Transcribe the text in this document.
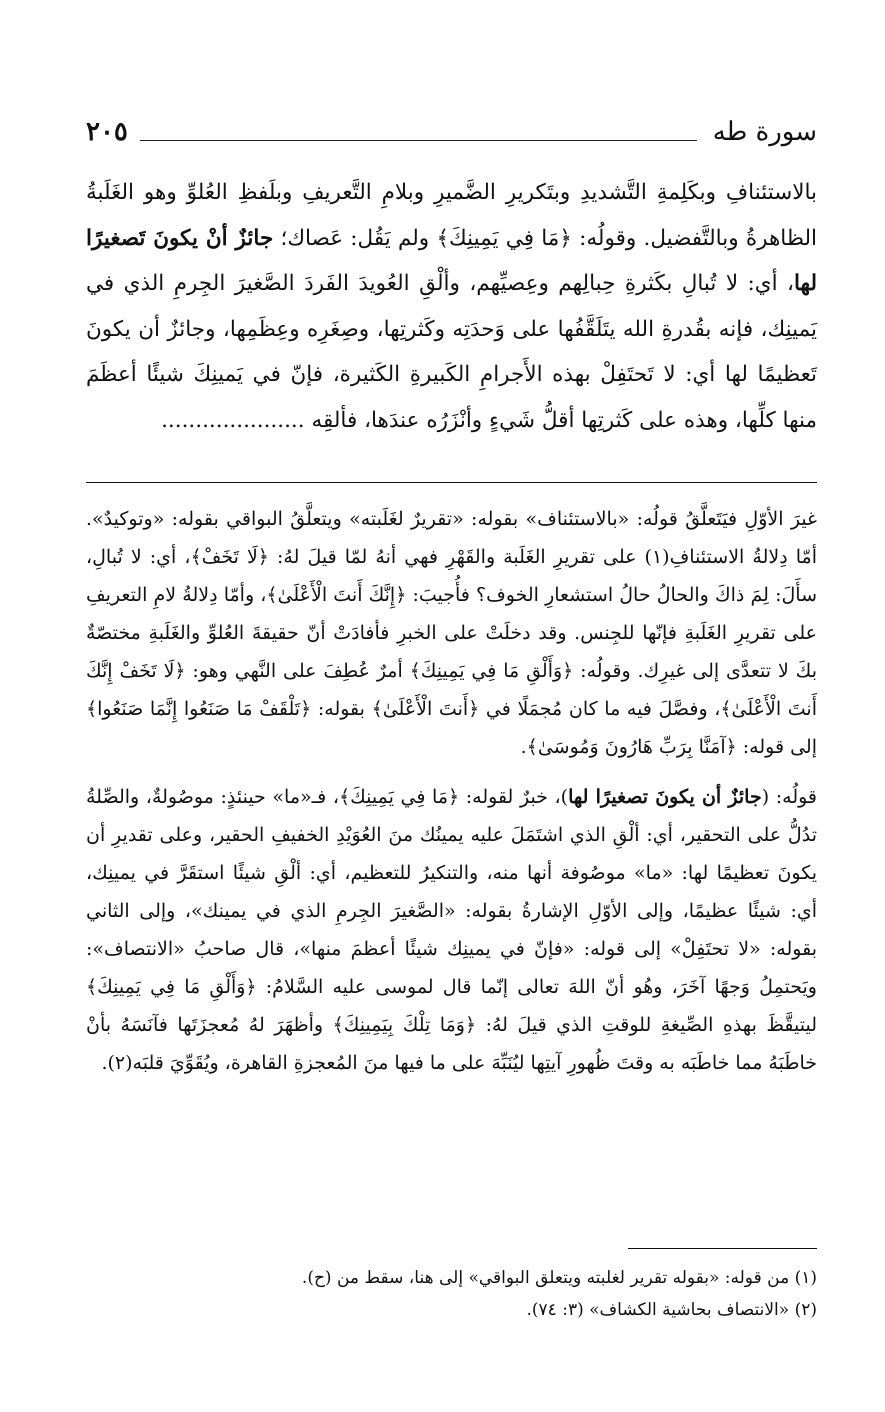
سورة طه
٢٠٥
بالاستئنافِ وبكَلِمةِ التَّشديدِ وبتَكريرِ الضَّميرِ وبلامِ التَّعريفِ وبلَفظِ العُلوِّ وهو الغَلَبةُ الظاهرةُ وبالتَّفضيل. وقولُه: ﴿مَا فِي يَمِينِكَ﴾ ولم يَقُل: عَصاك؛ جائزٌ أنْ يكونَ تَصغيرًا لها، أي: لا تُبالِ بكَثرةِ حِبالِهم وعِصيِّهم، وألْقِ العُويدَ الفَردَ الصَّغيرَ الجِرمِ الذي في يَمينِك، فإنه بقُدرةِ الله يتَلَقَّفُها على وَحدَتِه وكَثرتِها، وصِغَرِه وعِظَمِها، وجائزٌ أن يكونَ تَعظيمًا لها أي: لا تَحتَفِلْ بهذه الأَجرامِ الكَبيرةِ الكَثيرة، فإنّ في يَمينِكَ شيئًا أعظَمَ منها كلِّها، وهذه على كَثرتِها أقلُّ شَيءٍ وأنْزَرُه عندَها، فألقِه .....................

غيرَ الأوّلِ فيَتَعلَّقُ قولُه: «بالاستئناف» بقوله: «تقريرٌ لغَلَبته» ويتعلَّقُ البواقي بقوله: «وتوكيدٌ». أمّا دِلالةُ الاستئنافِ(١) على تقريرِ الغَلَبة والقَهْرِ فهي أنهُ لمّا قيلَ لهُ: ﴿لَا تَخَفْ﴾، أي: لا تُبالِ، سأَلَ: لِمَ ذاكَ والحالُ حالُ استشعارِ الخوف؟ فأُجيبَ: ﴿إِنَّكَ أَنتَ الْأَعْلَىٰ﴾، وأمّا دِلالةُ لامِ التعريفِ على تقريرِ الغَلَبةِ فإنّها للجِنس. وقد دخلَتْ على الخبرِ فأفادَتْ أنّ حقيقةَ العُلوِّ والغَلَبةِ مختصّةٌ بكَ لا تتعدَّى إلى غيرِك. وقولُه: ﴿وَأَلْقِ مَا فِي يَمِينِكَ﴾ أمرٌ عُطِفَ على النَّهي وهو: ﴿لَا تَخَفْ إِنَّكَ أَنتَ الْأَعْلَىٰ﴾، وفصَّلَ فيه ما كان مُجمَلًا في ﴿أَنتَ الْأَعْلَىٰ﴾ بقوله: ﴿تَلْقَفْ مَا صَنَعُوا إِنَّمَا صَنَعُوا﴾ إلى قوله: ﴿آمَنَّا بِرَبِّ هَارُونَ وَمُوسَىٰ﴾.

قولُه: (جائزٌ أن يكونَ تصغيرًا لها)، خبرٌ لقوله: ﴿مَا فِي يَمِينِكَ﴾، فـ«ما» حينئذٍ: موصُولةٌ، والصِّلةُ تدُلُّ على التحقير، أي: ألْقِ الذي اشتَمَلَ عليه يمينُك منَ العُوَيْدِ الخفيفِ الحقير، وعلى تقديرِ أن يكونَ تعظيمًا لها: «ما» موصُوفة أنها منه، والتنكيرُ للتعظيم، أي: ألْقِ شيئًا استقَرَّ في يمينِك، أي: شيئًا عظيمًا، وإلى الأوّلِ الإشارةُ بقوله: «الصَّغيرَ الجِرمِ الذي في يمينك»، وإلى الثاني بقوله: «لا تحتَفِلْ» إلى قوله: «فإنّ في يمينِك شيئًا أعظمَ منها»، قال صاحبُ «الانتصاف»: ويَحتمِلُ وَجهًا آخَرَ، وهُو أنّ اللهَ تعالى إنّما قال لموسى عليه السَّلامُ: ﴿وَأَلْقِ مَا فِي يَمِينِكَ﴾ ليتيقَّظَ بهذهِ الصِّيغةِ للوقتِ الذي قيلَ لهُ: ﴿وَمَا تِلْكَ بِيَمِينِكَ﴾ وأظهَرَ لهُ مُعجزَتَها فآنَسَهُ بأنْ خاطَبَهُ مما خاطَبَه به وقتَ ظُهورِ آيتِها ليُنَبِّهَ على ما فيها منَ المُعجزةِ القاهرة، ويُقَوِّيَ قلبَه(٢).

(١) من قوله: «بقوله تقرير لغلبته ويتعلق البواقي» إلى هنا، سقط من (ح).
(٢) «الانتصاف بحاشية الكشاف» (٣: ٧٤).
